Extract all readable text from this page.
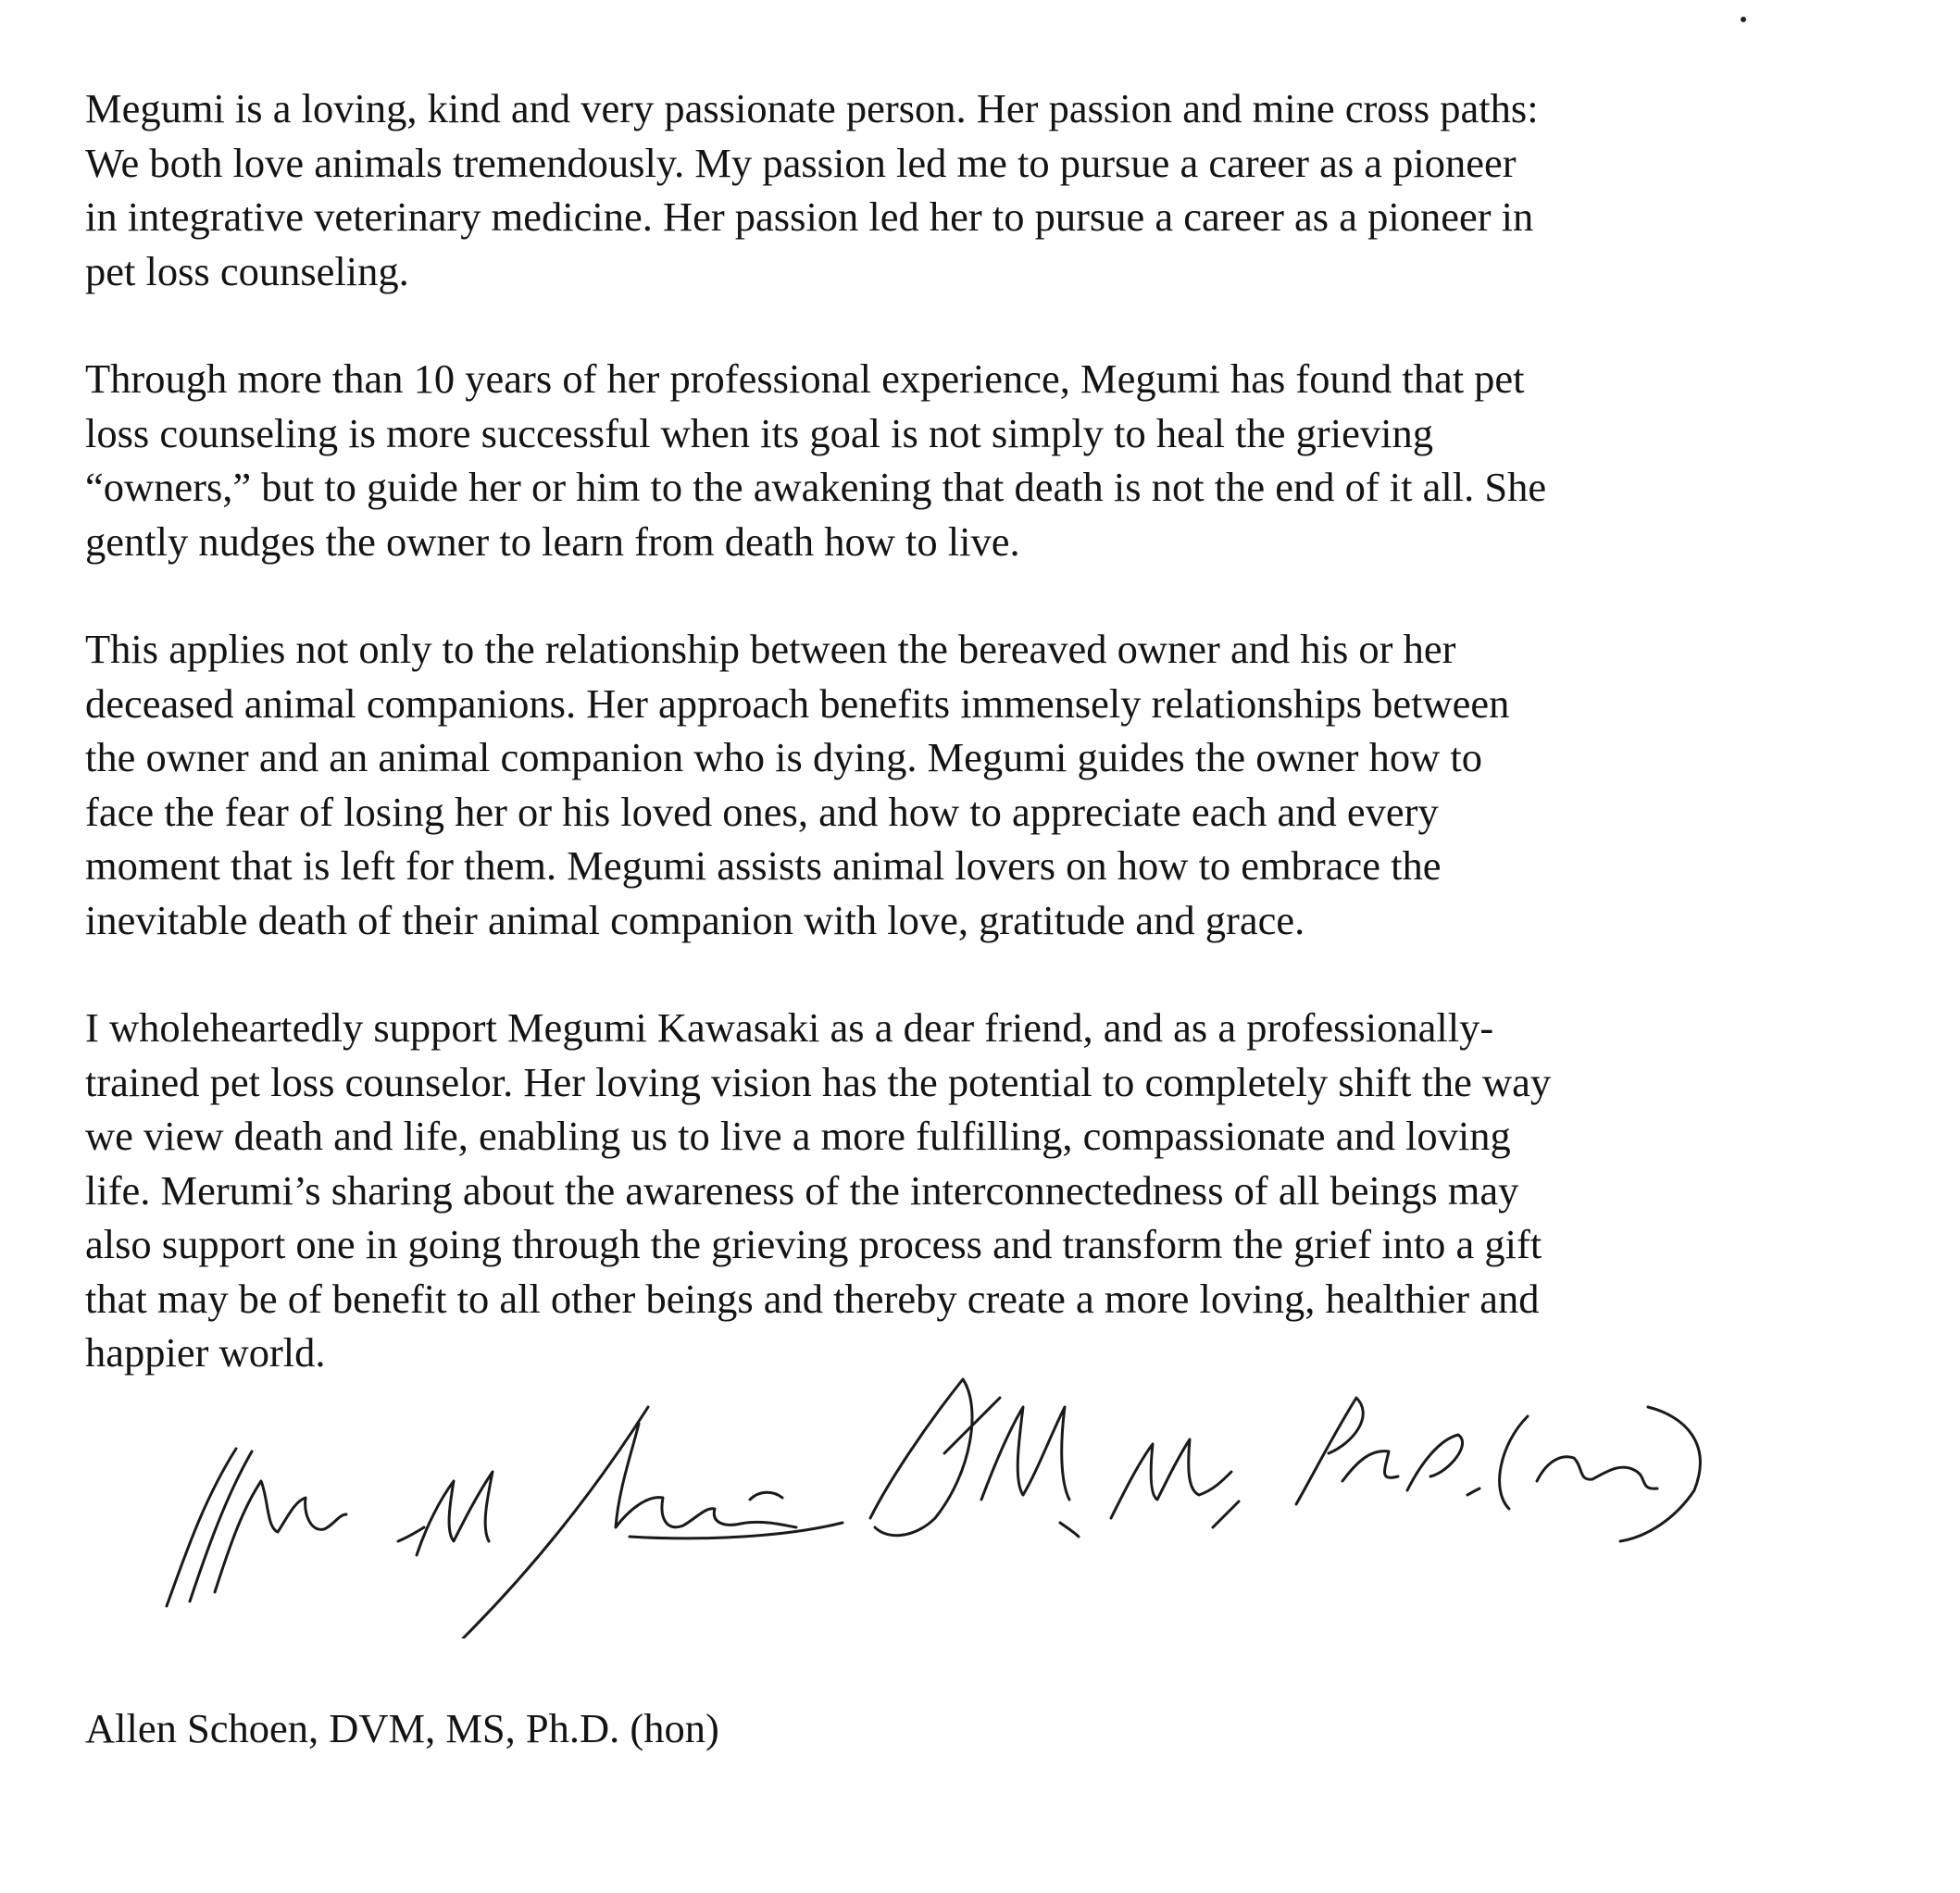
Megumi is a loving, kind and very passionate person. Her passion and mine cross paths:
We both love animals tremendously. My passion led me to pursue a career as a pioneer
in integrative veterinary medicine. Her passion led her to pursue a career as a pioneer in
pet loss counseling.

Through more than 10 years of her professional experience, Megumi has found that pet
loss counseling is more successful when its goal is not simply to heal the grieving
“owners,” but to guide her or him to the awakening that death is not the end of it all. She
gently nudges the owner to learn from death how to live.

This applies not only to the relationship between the bereaved owner and his or her
deceased animal companions. Her approach benefits immensely relationships between
the owner and an animal companion who is dying. Megumi guides the owner how to
face the fear of losing her or his loved ones, and how to appreciate each and every
moment that is left for them. Megumi assists animal lovers on how to embrace the
inevitable death of their animal companion with love, gratitude and grace.

I wholeheartedly support Megumi Kawasaki as a dear friend, and as a professionally-
trained pet loss counselor. Her loving vision has the potential to completely shift the way
we view death and life, enabling us to live a more fulfilling, compassionate and loving
life. Merumi’s sharing about the awareness of the interconnectedness of all beings may
also support one in going through the grieving process and transform the grief into a gift
that may be of benefit to all other beings and thereby create a more loving, healthier and
happier world.

Allen Schoen, DVM, MS, Ph.D. (hon)
